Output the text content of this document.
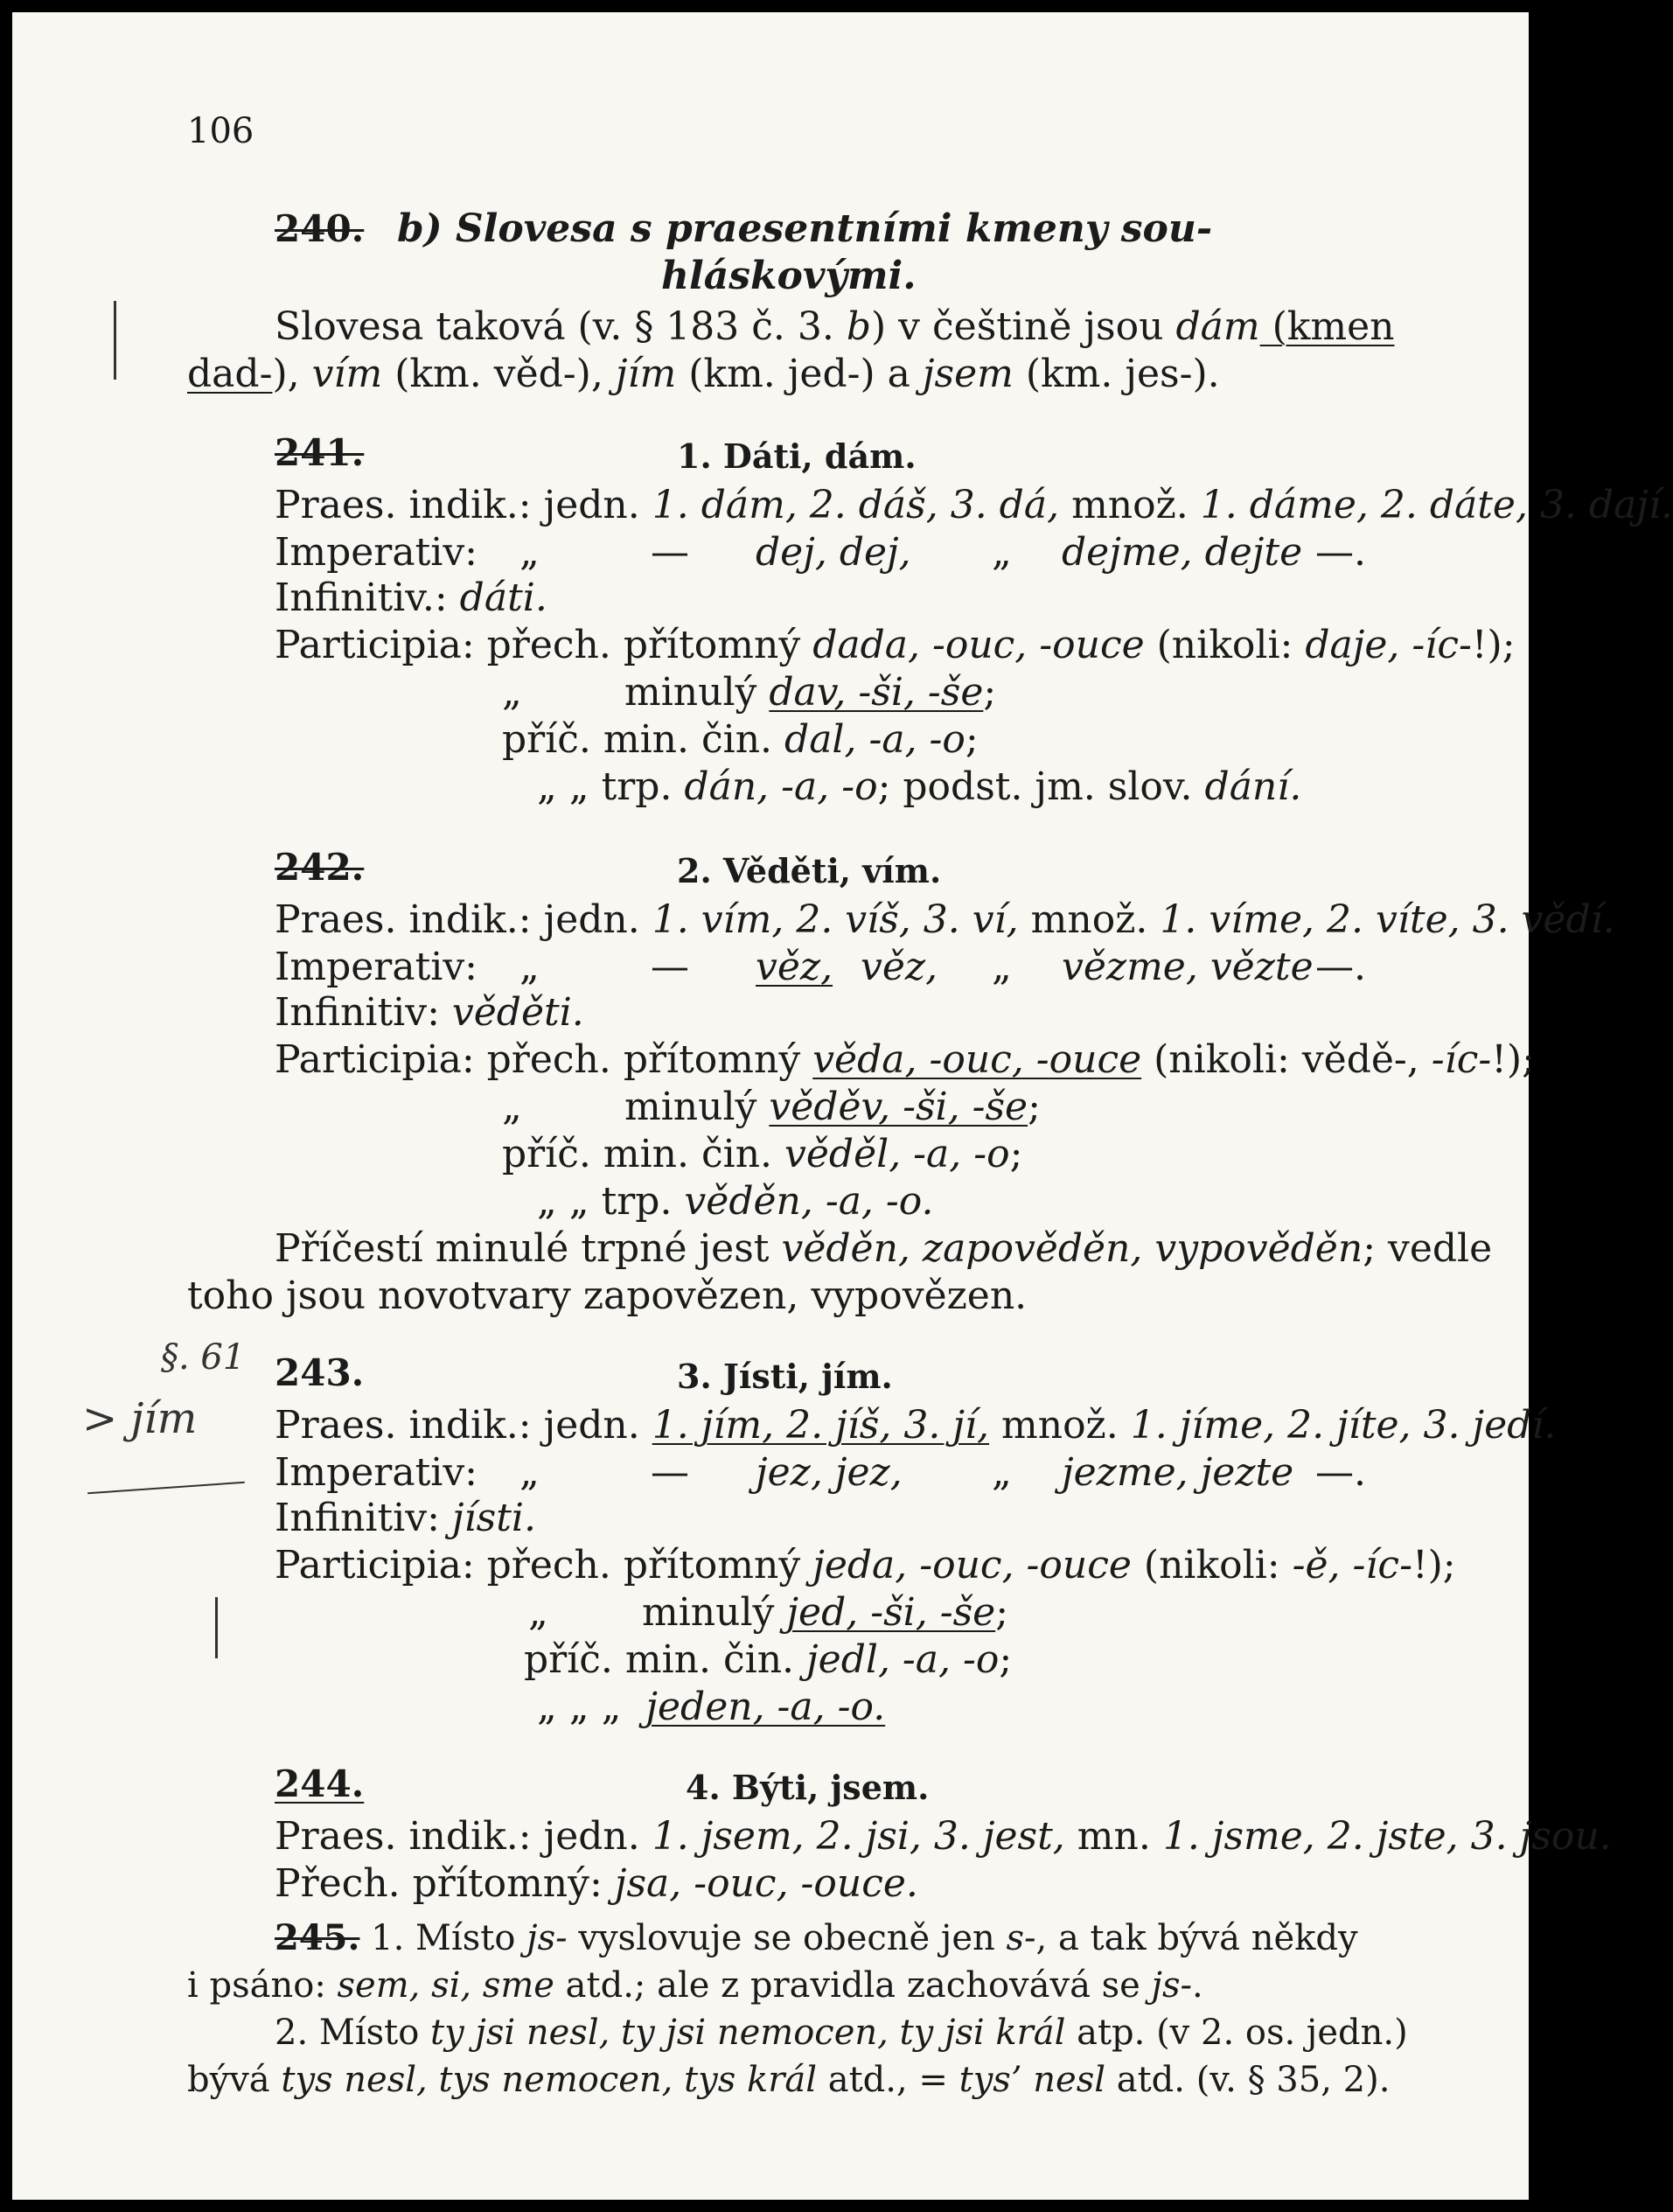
106
240. b) Slovesa s praesentními kmeny sou-
hláskovými.
Slovesa taková (v. § 183 č. 3. b) v češtině jsou dám (kmen
dad-), vím (km. věd-), jím (km. jed-) a jsem (km. jes-).
241.	1. Dáti, dám.
Praes. indik.: jedn. 1. dám, 2. dáš, 3. dá, množ. 1. dáme, 2. dáte, 3. dají.
Imperativ: „	— dej, dej, „ dejme, dejte —.
Infinitiv.: dáti.
Participia: přech. přítomný dada, -ouc, -ouce (nikoli: daje, -íc-!);
„	minulý dav, -ši, -še;
příč. min. čin. dal, -a, -o;
„ „ trp. dán, -a, -o; podst. jm. slov. dání.
242.	2. Věděti, vím.
Praes. indik.: jedn. 1. vím, 2. víš, 3. ví, množ. 1. víme, 2. víte, 3. vědí.
Imperativ: „	— věz, věz, „ vězme, vězte —.
Infinitiv: věděti.
Participia: přech. přítomný věda, -ouc, -ouce (nikoli: vědě-, -íc-!);
„	minulý věděv, -ši, -še;
příč. min. čin. věděl, -a, -o;
„ „ trp. věděn, -a, -o.
Příčestí minulé trpné jest věděn, zapověděn, vypověděn; vedle
toho jsou novotvary zapovězen, vypovězen.
243.	3. Jísti, jím.
Praes. indik.: jedn. 1. jím, 2. jíš, 3. jí, množ. 1. jíme, 2. jíte, 3. jedí.
Imperativ: „	— jez, jez, „ jezme, jezte —.
Infinitiv: jísti.
Participia: přech. přítomný jeda, -ouc, -ouce (nikoli: -ě, -íc-!);
„ minulý jed, -ši, -še;
příč. min. čin. jedl, -a, -o;
„ „ „ jeden, -a, -o.
244.	4. Býti, jsem.
Praes. indik.: jedn. 1. jsem, 2. jsi, 3. jest, mn. 1. jsme, 2. jste, 3. jsou.
Přech. přítomný: jsa, -ouc, -ouce.
245. 1. Místo js- vyslovuje se obecně jen s-, a tak bývá někdy
i psáno: sem, si, sme atd.; ale z pravidla zachovává se js-.
2. Místo ty jsi nesl, ty jsi nemocen, ty jsi král atp. (v 2. os. jedn.)
bývá tys nesl, tys nemocen, tys král atd., = tys’ nesl atd. (v. § 35, 2).
§. 61
> jím
